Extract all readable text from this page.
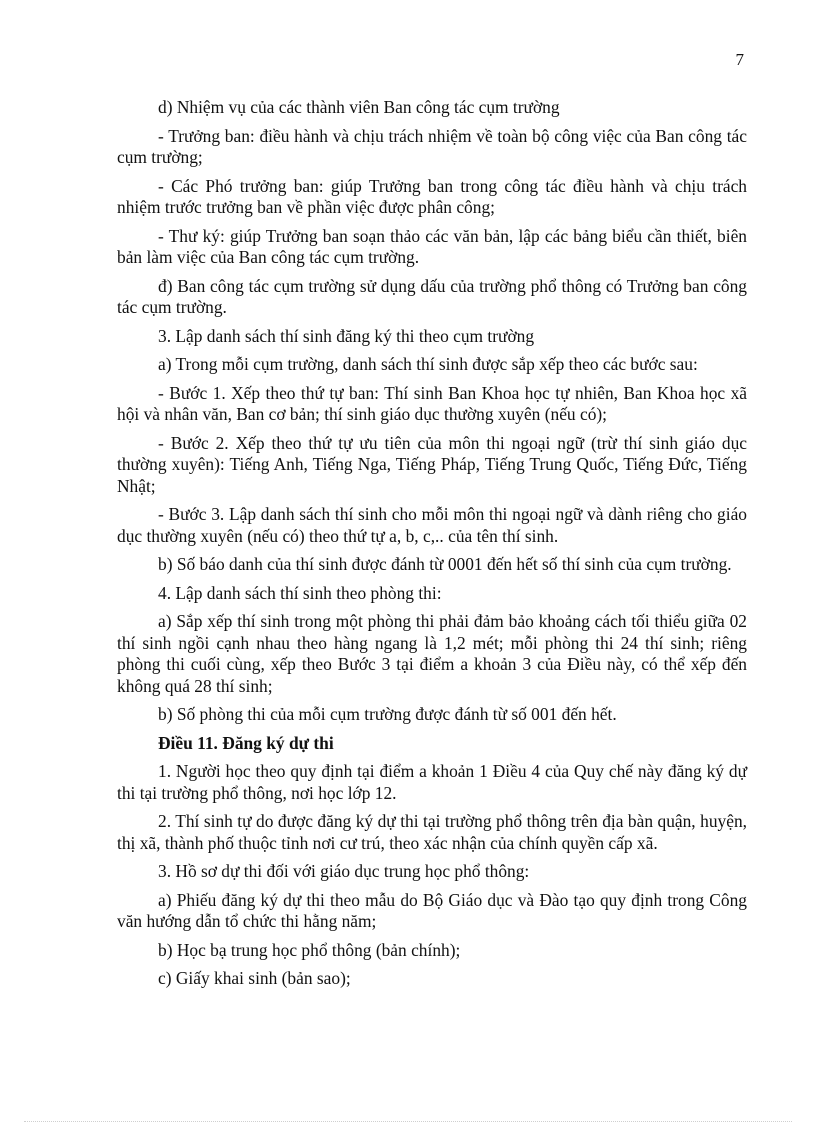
7

d) Nhiệm vụ của các thành viên Ban công tác cụm trường

- Trưởng ban: điều hành và chịu trách nhiệm về toàn bộ công việc của Ban công tác cụm trường;

- Các Phó trưởng ban: giúp Trưởng ban trong công tác điều hành và chịu trách nhiệm trước trưởng ban về phần việc được phân công;

- Thư ký: giúp Trưởng ban soạn thảo các văn bản, lập các bảng biểu cần thiết, biên bản làm việc của Ban công tác cụm trường.

đ) Ban công tác cụm trường sử dụng dấu của trường phổ thông có Trưởng ban công tác cụm trường.

3. Lập danh sách thí sinh đăng ký thi theo cụm trường

a) Trong mỗi cụm trường, danh sách thí sinh được sắp xếp theo các bước sau:

- Bước 1. Xếp theo thứ tự ban: Thí sinh Ban Khoa học tự nhiên, Ban Khoa học xã hội và nhân văn, Ban cơ bản; thí sinh giáo dục thường xuyên (nếu có);

- Bước 2. Xếp theo thứ tự ưu tiên của môn thi ngoại ngữ (trừ thí sinh giáo dục thường xuyên): Tiếng Anh, Tiếng Nga, Tiếng Pháp, Tiếng Trung Quốc, Tiếng Đức, Tiếng Nhật;

- Bước 3. Lập danh sách thí sinh cho mỗi môn thi ngoại ngữ và dành riêng cho giáo dục thường xuyên (nếu có) theo thứ tự a, b, c,.. của tên thí sinh.

b) Số báo danh của thí sinh được đánh từ 0001 đến hết số thí sinh của cụm trường.

4. Lập danh sách thí sinh theo phòng thi:

a) Sắp xếp thí sinh trong một phòng thi phải đảm bảo khoảng cách tối thiểu giữa 02 thí sinh ngồi cạnh nhau theo hàng ngang là 1,2 mét; mỗi phòng thi 24 thí sinh; riêng phòng thi cuối cùng, xếp theo Bước 3 tại điểm a khoản 3 của Điều này, có thể xếp đến không quá 28 thí sinh;

b) Số phòng thi của mỗi cụm trường được đánh từ số 001 đến hết.

Điều 11. Đăng ký dự thi

1. Người học theo quy định tại điểm a khoản 1 Điều 4 của Quy chế này đăng ký dự thi tại trường phổ thông, nơi học lớp 12.

2. Thí sinh tự do được đăng ký dự thi tại trường phổ thông trên địa bàn quận, huyện, thị xã, thành phố thuộc tỉnh nơi cư trú, theo xác nhận của chính quyền cấp xã.

3. Hồ sơ dự thi đối với giáo dục trung học phổ thông:

a) Phiếu đăng ký dự thi theo mẫu do Bộ Giáo dục và Đào tạo quy định trong Công văn hướng dẫn tổ chức thi hằng năm;

b) Học bạ trung học phổ thông (bản chính);

c) Giấy khai sinh (bản sao);
